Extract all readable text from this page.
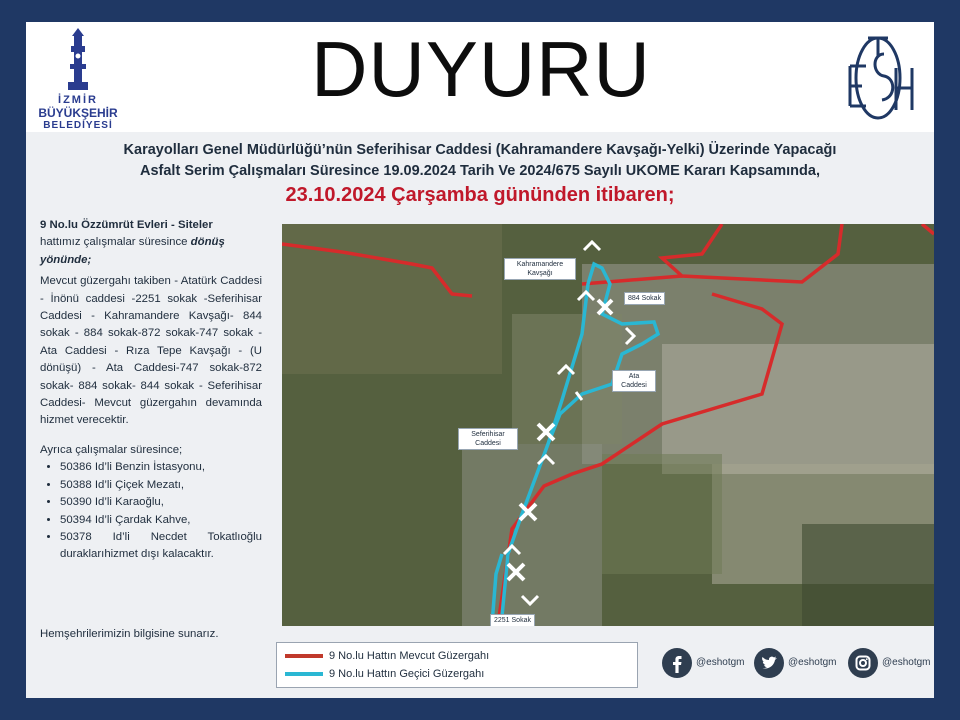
İZMİR
BÜYÜKŞEHİR
BELEDİYESİ
DUYURU
Karayolları Genel Müdürlüğü’nün Seferihisar Caddesi (Kahramandere Kavşağı-Yelki) Üzerinde Yapacağı
Asfalt Serim Çalışmaları Süresince 19.09.2024 Tarih Ve 2024/675 Sayılı UKOME Kararı Kapsamında,
23.10.2024 Çarşamba gününden itibaren;

9 No.lu Özzümrüt Evleri - Siteler
hattımız çalışmalar süresince dönüş yönünde;

Mevcut güzergahı takiben - Atatürk Caddesi - İnönü caddesi -2251 sokak -Seferihisar Caddesi - Kahramandere Kavşağı- 844 sokak - 884 sokak-872 sokak-747 sokak - Ata Caddesi - Rıza Tepe Kavşağı - (U dönüşü) - Ata Caddesi-747 sokak-872 sokak- 884 sokak- 844 sokak - Seferihisar Caddesi- Mevcut güzergahın devamında hizmet verecektir.

Ayrıca çalışmalar süresince;

• 50386 Id’li Benzin İstasyonu,
• 50388 Id’li Çiçek Mezatı,
• 50390 Id’li Karaoğlu,
• 50394 Id’li Çardak Kahve,
• 50378 Id’li Necdet Tokatlıoğlu duraklarıhizmet dışı kalacaktır.
Hemşehrilerimizin bilgisine sunarız.
Kahramandere Kavşağı
884 Sokak
Ata Caddesi
Seferihisar Caddesi
2251 Sokak
9 No.lu Hattın Mevcut Güzergahı
9 No.lu Hattın Geçici Güzergahı
@eshotgm	@eshotgm	@eshotgm
